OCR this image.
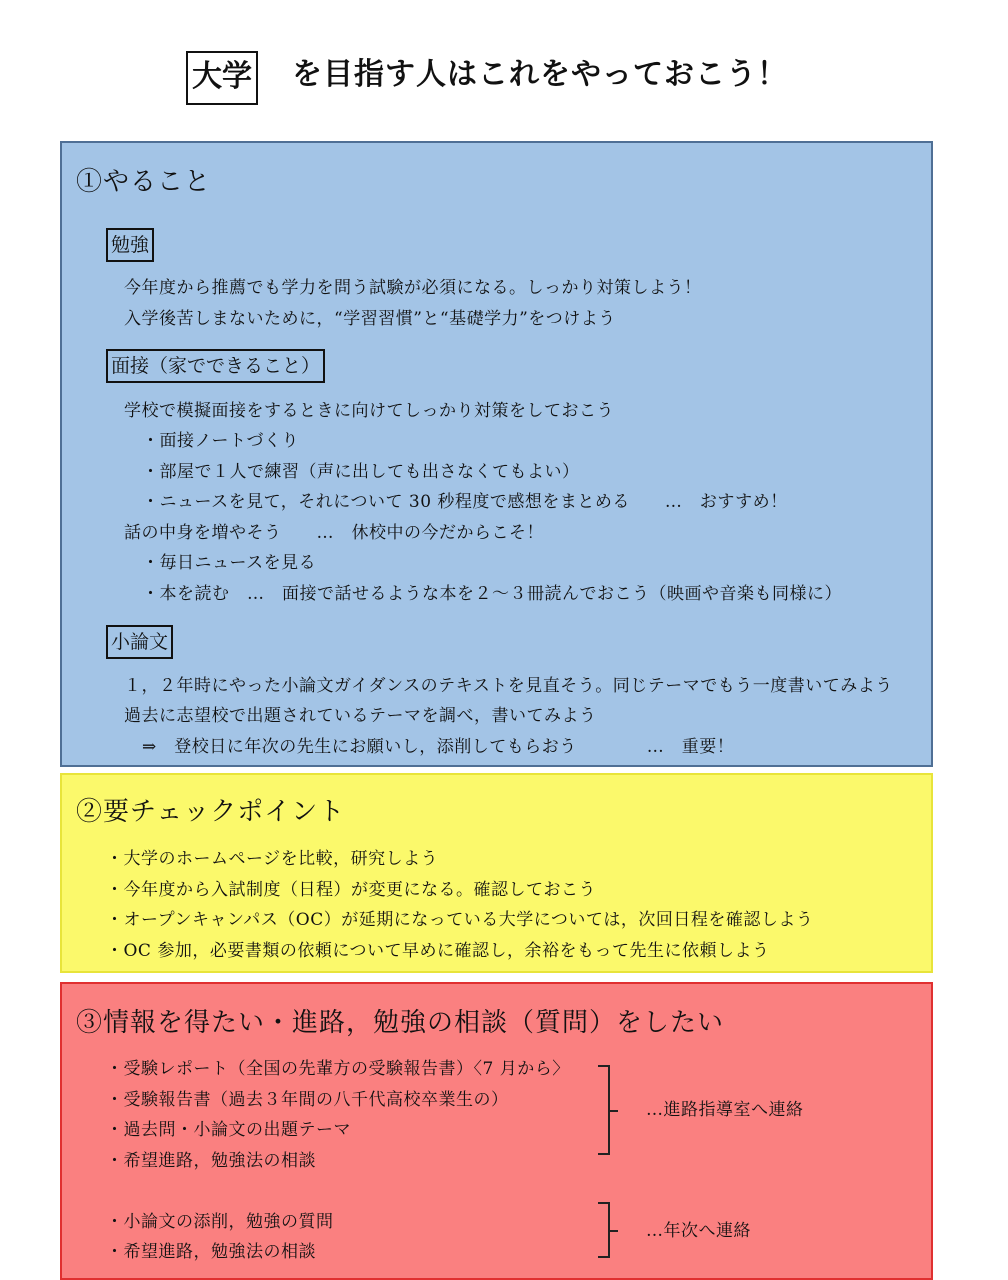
大学 を目指す人はこれをやっておこう！
①やること
勉強
今年度から推薦でも学力を問う試験が必須になる。しっかり対策しよう！
入学後苦しまないために，“学習習慣”と“基礎学力”をつけよう
面接（家でできること）
学校で模擬面接をするときに向けてしっかり対策をしておこう
・面接ノートづくり
・部屋で１人で練習（声に出しても出さなくてもよい）
・ニュースを見て，それについて 30 秒程度で感想をまとめる　　…　おすすめ！
話の中身を増やそう　　…　休校中の今だからこそ！
・毎日ニュースを見る
・本を読む　…　面接で話せるような本を２～３冊読んでおこう（映画や音楽も同様に）
小論文
１，２年時にやった小論文ガイダンスのテキストを見直そう。同じテーマでもう一度書いてみよう
過去に志望校で出題されているテーマを調べ，書いてみよう
⇒　登校日に年次の先生にお願いし，添削してもらおう　　　　…　重要！
②要チェックポイント
・大学のホームページを比較，研究しよう
・今年度から入試制度（日程）が変更になる。確認しておこう
・オープンキャンパス（OC）が延期になっている大学については，次回日程を確認しよう
・OC 参加，必要書類の依頼について早めに確認し，余裕をもって先生に依頼しよう
③情報を得たい・進路，勉強の相談（質問）をしたい
・受験レポート（全国の先輩方の受験報告書）〈7 月から〉
・受験報告書（過去３年間の八千代高校卒業生の）
・過去問・小論文の出題テーマ
・希望進路，勉強法の相談
…進路指導室へ連絡
・小論文の添削，勉強の質問
・希望進路，勉強法の相談
…年次へ連絡
